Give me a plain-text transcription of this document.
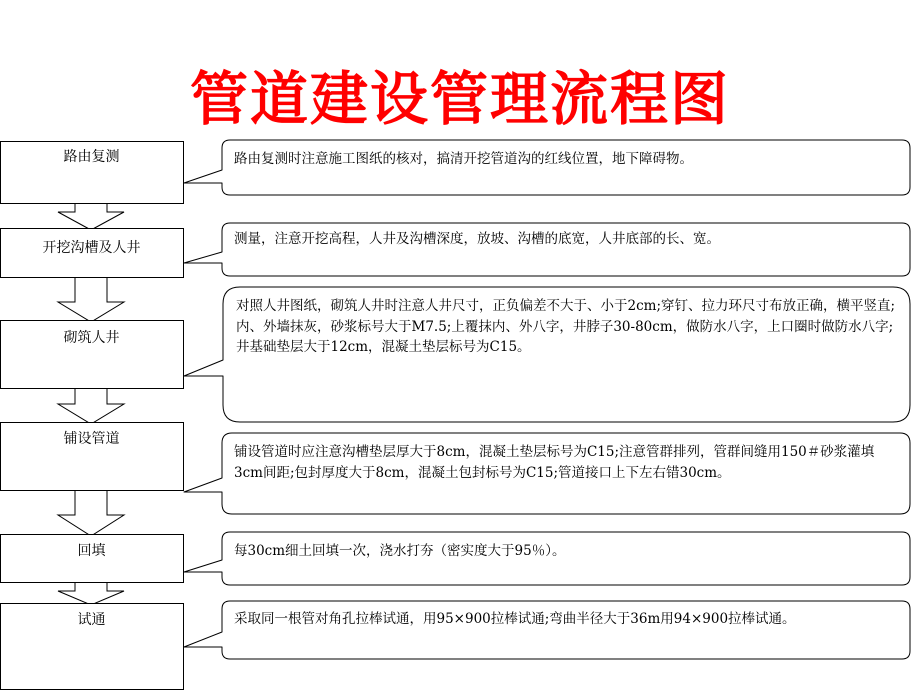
管道建设管理流程图
路由复测
开挖沟槽及人井
砌筑人井
铺设管道
回填
试通
路由复测时注意施工图纸的核对，搞清开挖管道沟的红线位置，地下障碍物。
测量，注意开挖高程，人井及沟槽深度，放坡、沟槽的底宽，人井底部的长、宽。
对照人井图纸，砌筑人井时注意人井尺寸，正负偏差不大于、小于2cm;穿钉、拉力环尺寸布放正确，横平竖直;内、外墙抹灰，砂浆标号大于M7.5;上覆抹内、外八字，井脖子30-80cm，做防水八字，上口圈时做防水八字;井基础垫层大于12cm，混凝土垫层标号为C15。
铺设管道时应注意沟槽垫层厚大于8cm，混凝土垫层标号为C15;注意管群排列，管群间缝用150＃砂浆灌填3cm间距;包封厚度大于8cm，混凝土包封标号为C15;管道接口上下左右错30cm。
每30cm细土回填一次，浇水打夯（密实度大于95％）。
采取同一根管对角孔拉棒试通，用95×900拉棒试通;弯曲半径大于36m用94×900拉棒试通。
